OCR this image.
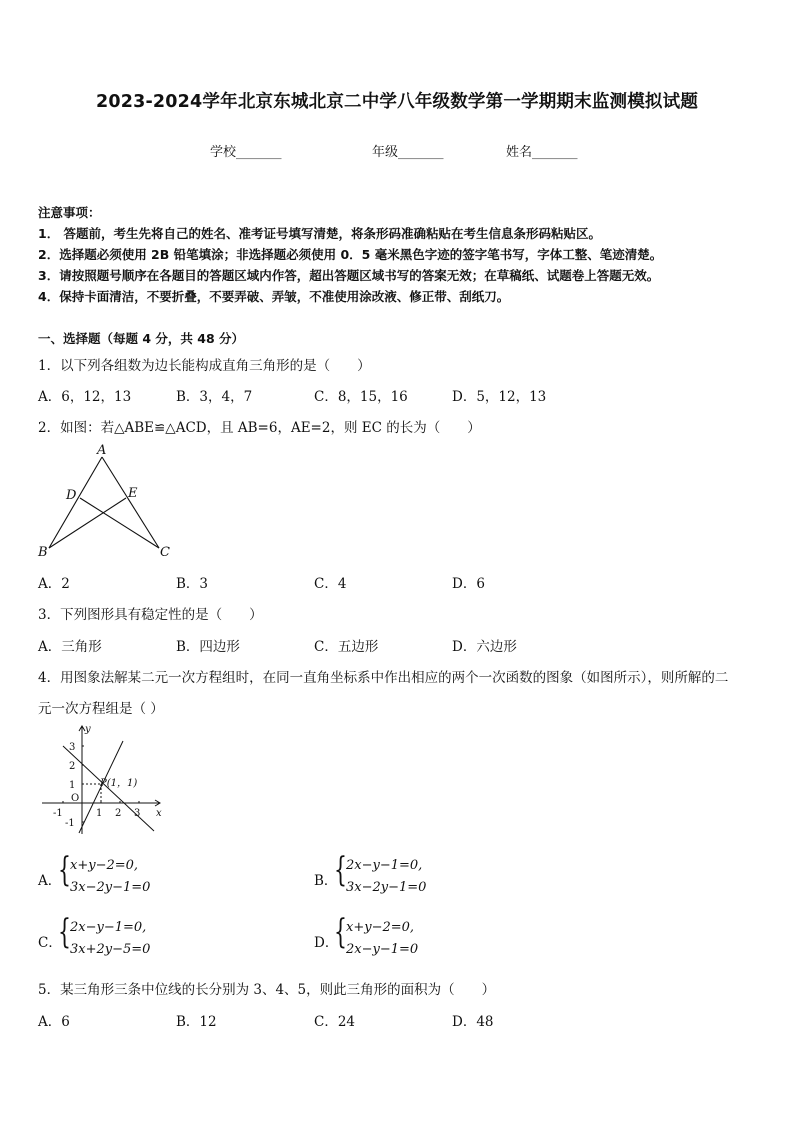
2023-2024学年北京东城北京二中学八年级数学第一学期期末监测模拟试题
学校_______	年级_______	姓名_______
注意事项：
1． 答题前，考生先将自己的姓名、准考证号填写清楚，将条形码准确粘贴在考生信息条形码粘贴区。
2．选择题必须使用 2B 铅笔填涂；非选择题必须使用 0．5 毫米黑色字迹的签字笔书写，字体工整、笔迹清楚。
3．请按照题号顺序在各题目的答题区域内作答，超出答题区域书写的答案无效；在草稿纸、试题卷上答题无效。
4．保持卡面清洁，不要折叠，不要弄破、弄皱，不准使用涂改液、修正带、刮纸刀。
一、选择题（每题 4 分，共 48 分）
1．以下列各组数为边长能构成直角三角形的是（　　）
A．6，12，13	B．3，4，7	C．8，15，16	D．5，12，13
2．如图：若△ABE≌△ACD，且 AB=6，AE=2，则 EC 的长为（　　）
A
D	E
B	C
A．2	B．3	C．4	D．6
3．下列图形具有稳定性的是（　　）
A．三角形	B．四边形	C．五边形	D．六边形
4．用图象法解某二元一次方程组时，在同一直角坐标系中作出相应的两个一次函数的图象（如图所示），则所解的二
元一次方程组是（ ）
y
x
O
-1	1 2 3
3
2
1
-1
P(1，1)
A．
{ x+y−2=0,
3x−2y−1=0	B．
{ 2x−y−1=0,
3x−2y−1=0
C．
{ 2x−y−1=0,
3x+2y−5=0	D．
{ x+y−2=0,
2x−y−1=0
5．某三角形三条中位线的长分别为 3、4、5，则此三角形的面积为（　　）
A．6	B．12	C．24	D．48
